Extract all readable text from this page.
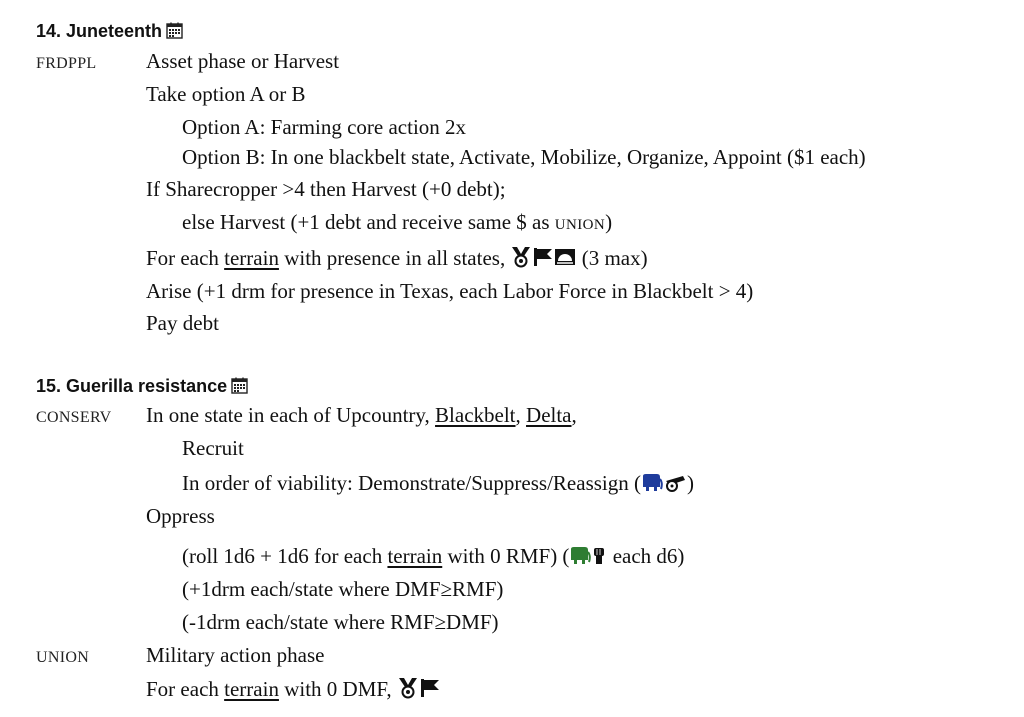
14. Juneteenth
FRDPPL Asset phase or Harvest
Take option A or B
Option A: Farming core action 2x
Option B: In one blackbelt state, Activate, Mobilize, Organize, Appoint ($1 each)
If Sharecropper >4 then Harvest (+0 debt);
else Harvest (+1 debt and receive same $ as UNION)
For each terrain with presence in all states,	(3 max)
Arise (+1 drm for presence in Texas, each Labor Force in Blackbelt > 4)
Pay debt
15. Guerilla resistance
CONSERV In one state in each of Upcountry, Blackbelt, Delta,
Recruit
In order of viability: Demonstrate/Suppress/Reassign ( )
Oppress
(roll 1d6 + 1d6 for each terrain with 0 RMF) ( each d6)
(+1drm each/state where DMF≥RMF)
(-1drm each/state where RMF≥DMF)
UNION	Military action phase
For each terrain with 0 DMF,
